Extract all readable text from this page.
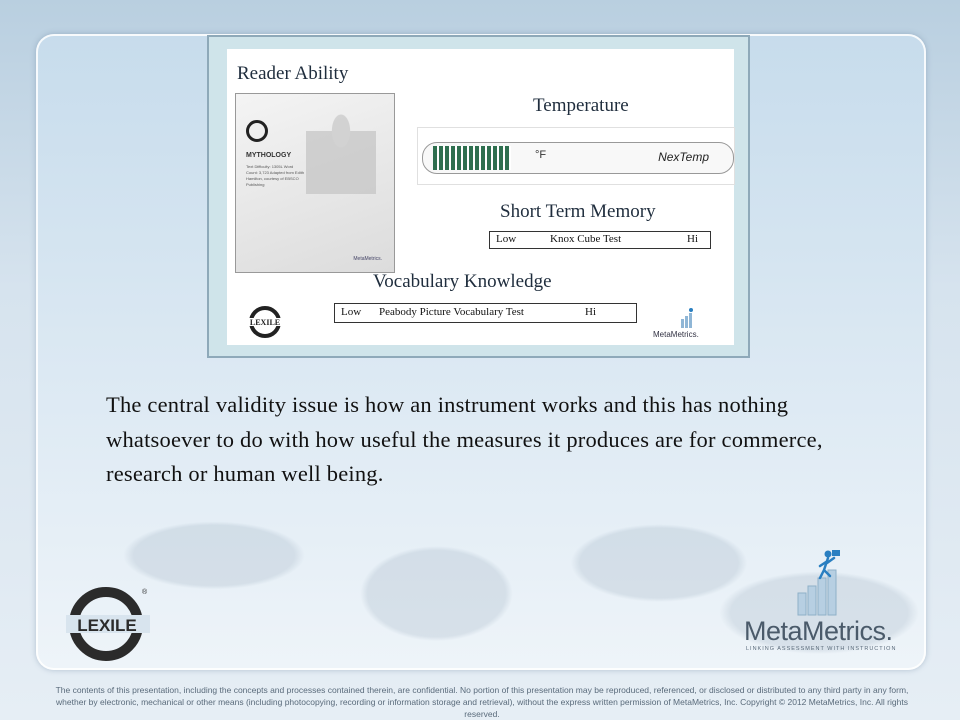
Reader Ability
MYTHOLOGY
Text Difficulty: 1305L Word Count: 3,723 Adapted from Edith Hamilton, courtesy of EBSCO Publishing
MetaMetrics.
Temperature
°F	NexTemp
Short Term Memory
Low	Knox Cube Test	Hi
Vocabulary Knowledge
Low Peabody Picture Vocabulary Test	Hi
LEXILE
MetaMetrics.
The central validity issue is how an instrument works and this has nothing whatsoever to do with how useful the measures it produces are for commerce, research or human well being.
LEXILE
®
MetaMetrics.
LINKING ASSESSMENT WITH INSTRUCTION
The contents of this presentation, including the concepts and processes contained therein, are confidential. No portion of this presentation may be reproduced, referenced, or disclosed or distributed to any third party in any form, whether by electronic, mechanical or other means (including photocopying, recording or information storage and retrieval), without the express written permission of MetaMetrics, Inc. Copyright © 2012 MetaMetrics, Inc. All rights reserved.
